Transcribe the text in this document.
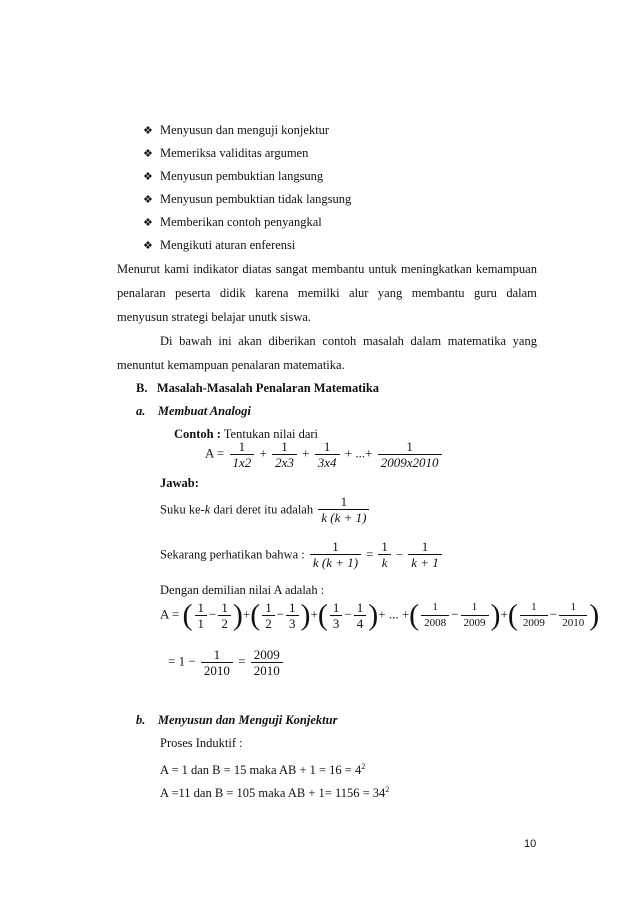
❖ Menyusun dan menguji konjektur
❖ Memeriksa validitas argumen
❖ Menyusun pembuktian langsung
❖ Menyusun pembuktian tidak langsung
❖ Memberikan contoh penyangkal
❖ Mengikuti aturan enferensi
Menurut kami indikator diatas sangat membantu untuk meningkatkan kemampuan
penalaran peserta didik karena memilki alur yang membantu guru dalam
menyusun strategi belajar unutk siswa.
Di bawah ini akan diberikan contoh masalah dalam matematika yang
menuntut kemampuan penalaran matematika.
B. Masalah-Masalah Penalaran Matematika
a. Membuat Analogi
Contoh : Tentukan nilai dari
$A = \frac{1}{1x2} + \frac{1}{2x3} + \frac{1}{3x4}$ + ...+ $\frac{1}{2009x2010}$
Jawab:
Suku ke-k dari deret itu adalah $\frac{1}{k (k + 1)}$
Sekarang perhatikan bahwa : $\frac{1}{k (k + 1)} = \frac{1}{k} - \frac{1}{k + 1}$
Dengan demilian nilai A adalah :
A = ( $\frac{1}{1} - \frac{1}{2}$ )+( $\frac{1}{2} - \frac{1}{3}$ )+( $\frac{1}{3} - \frac{1}{4}$ )+ ... +( $\frac{1}{2008} - \frac{1}{2009}$ )+( $\frac{1}{2009} - \frac{1}{2010}$ )
= $1 - \frac{1}{2010} = \frac{2009}{2010}$
b. Menyusun dan Menguji Konjektur
Proses Induktif :
A = 1 dan B = 15 maka AB + $1 = 16 = 4^2$
A =11 dan B = 105 maka AB + $1= 1156 = 34^2$
10
